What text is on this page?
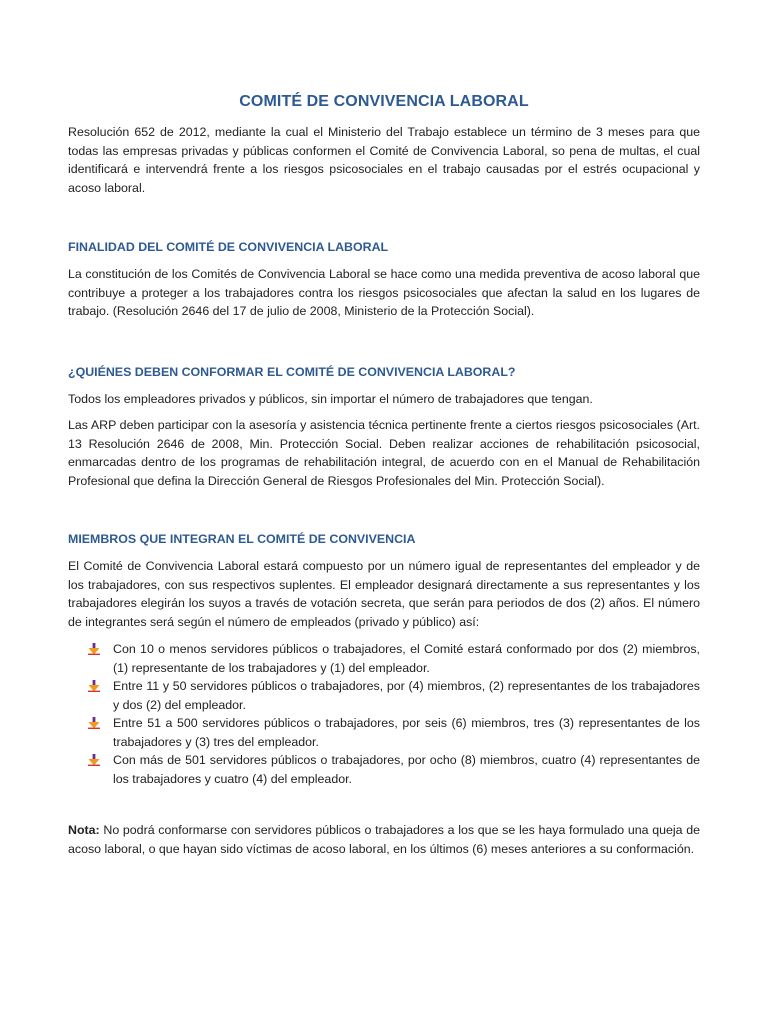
COMITÉ DE CONVIVENCIA LABORAL

Resolución 652 de 2012, mediante la cual el Ministerio del Trabajo establece un término de 3 meses para que todas las empresas privadas y públicas conformen el Comité de Convivencia Laboral, so pena de multas, el cual identificará e intervendrá frente a los riesgos psicosociales en el trabajo causadas por el estrés ocupacional y acoso laboral.

FINALIDAD DEL COMITÉ DE CONVIVENCIA LABORAL

La constitución de los Comités de Convivencia Laboral se hace como una medida preventiva de acoso laboral que contribuye a proteger a los trabajadores contra los riesgos psicosociales que afectan la salud en los lugares de trabajo. (Resolución 2646 del 17 de julio de 2008, Ministerio de la Protección Social).

¿QUIÉNES DEBEN CONFORMAR EL COMITÉ DE CONVIVENCIA LABORAL?

Todos los empleadores privados y públicos, sin importar el número de trabajadores que tengan.

Las ARP deben participar con la asesoría y asistencia técnica pertinente frente a ciertos riesgos psicosociales (Art. 13 Resolución 2646 de 2008, Min. Protección Social. Deben realizar acciones de rehabilitación psicosocial, enmarcadas dentro de los programas de rehabilitación integral, de acuerdo con en el Manual de Rehabilitación Profesional que defina la Dirección General de Riesgos Profesionales del Min. Protección Social).

MIEMBROS QUE INTEGRAN EL COMITÉ DE CONVIVENCIA

El Comité de Convivencia Laboral estará compuesto por un número igual de representantes del empleador y de los trabajadores, con sus respectivos suplentes. El empleador designará directamente a sus representantes y los trabajadores elegirán los suyos a través de votación secreta, que serán para periodos de dos (2) años. El número de integrantes será según el número de empleados (privado y público) así:

Con 10 o menos servidores públicos o trabajadores, el Comité estará conformado por dos (2) miembros, (1) representante de los trabajadores y (1) del empleador.
Entre 11 y 50 servidores públicos o trabajadores, por (4) miembros, (2) representantes de los trabajadores y dos (2) del empleador.
Entre 51 a 500 servidores públicos o trabajadores, por seis (6) miembros, tres (3) representantes de los trabajadores y (3) tres del empleador.
Con más de 501 servidores públicos o trabajadores, por ocho (8) miembros, cuatro (4) representantes de los trabajadores y cuatro (4) del empleador.

Nota: No podrá conformarse con servidores públicos o trabajadores a los que se les haya formulado una queja de acoso laboral, o que hayan sido víctimas de acoso laboral, en los últimos (6) meses anteriores a su conformación.
